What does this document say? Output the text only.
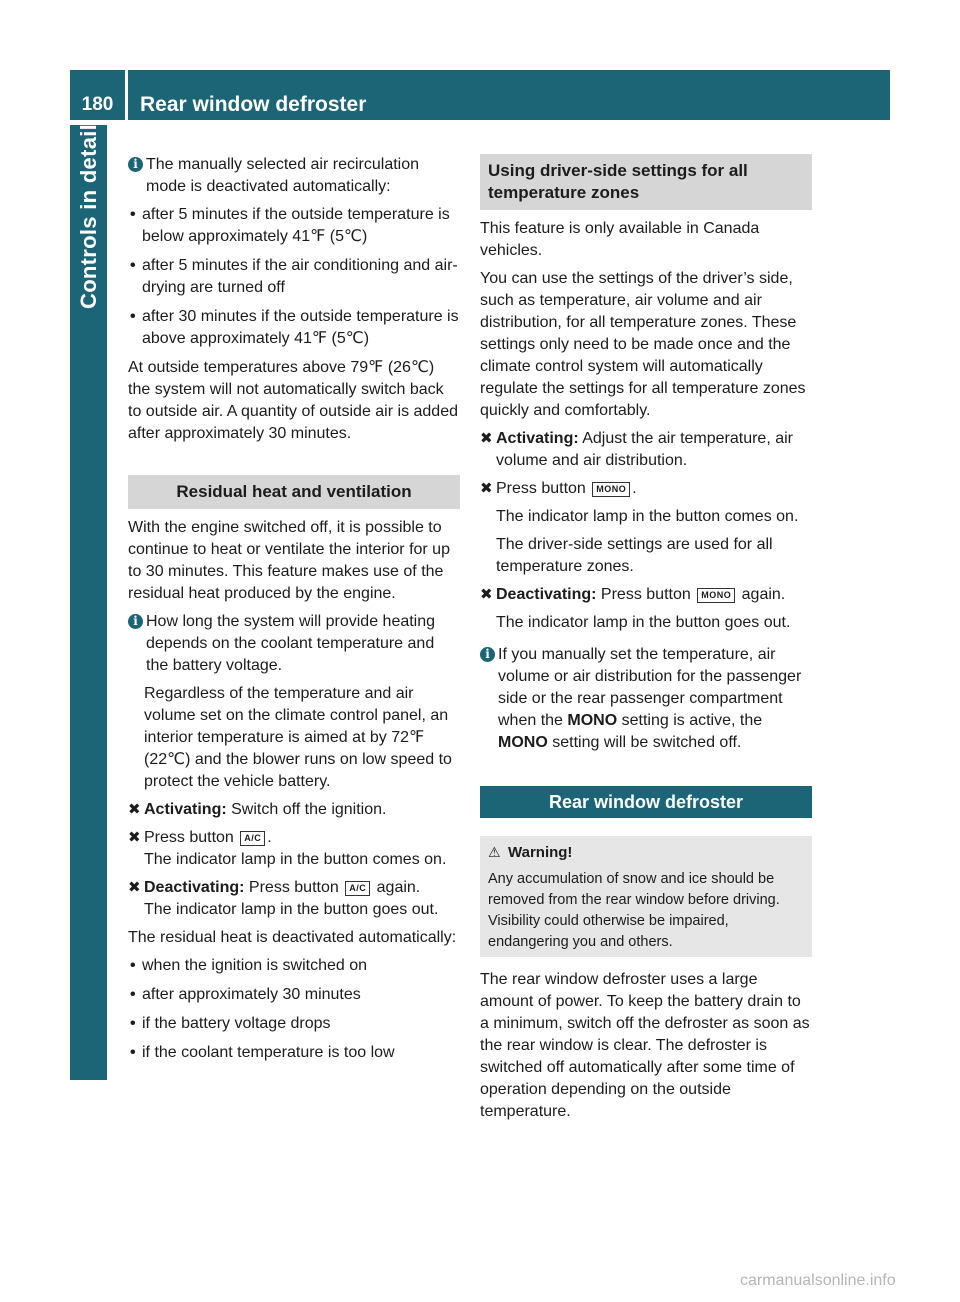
180	Rear window defroster
Controls in detail	i The manually selected air recirculation mode is deactivated automatically:
• after 5 minutes if the outside temperature is below approximately 41℉ (5℃)
• after 5 minutes if the air conditioning and air-drying are turned off
• after 30 minutes if the outside temperature is above approximately 41℉ (5℃)

At outside temperatures above 79℉ (26℃) the system will not automatically switch back to outside air. A quantity of outside air is added after approximately 30 minutes.

Residual heat and ventilation

With the engine switched off, it is possible to continue to heat or ventilate the interior for up to 30 minutes. This feature makes use of the residual heat produced by the engine.

i How long the system will provide heating depends on the coolant temperature and the battery voltage.
Regardless of the temperature and air volume set on the climate control panel, an interior temperature is aimed at by 72℉ (22℃) and the blower runs on low speed to protect the vehicle battery.
✖ Activating: Switch off the ignition.
✖ Press button A/C .
The indicator lamp in the button comes on.
✖ Deactivating: Press button A/C again.
The indicator lamp in the button goes out.

The residual heat is deactivated automatically:

• when the ignition is switched on
• after approximately 30 minutes
• if the battery voltage drops
• if the coolant temperature is too low
Using driver-side settings for all temperature zones

This feature is only available in Canada vehicles.

You can use the settings of the driver’s side, such as temperature, air volume and air distribution, for all temperature zones. These settings only need to be made once and the climate control system will automatically regulate the settings for all temperature zones quickly and comfortably.

✖ Activating: Adjust the air temperature, air volume and air distribution.
✖ Press button MONO .
The indicator lamp in the button comes on.
The driver-side settings are used for all temperature zones.
✖ Deactivating: Press button MONO again.
The indicator lamp in the button goes out.
i If you manually set the temperature, air volume or air distribution for the passenger side or the rear passenger compartment when the MONO setting is active, the MONO setting will be switched off.
Rear window defroster
⚠ Warning!
Any accumulation of snow and ice should be removed from the rear window before driving. Visibility could otherwise be impaired, endangering you and others.

The rear window defroster uses a large amount of power. To keep the battery drain to a minimum, switch off the defroster as soon as the rear window is clear. The defroster is switched off automatically after some time of operation depending on the outside temperature.

carmanualsonline.info
